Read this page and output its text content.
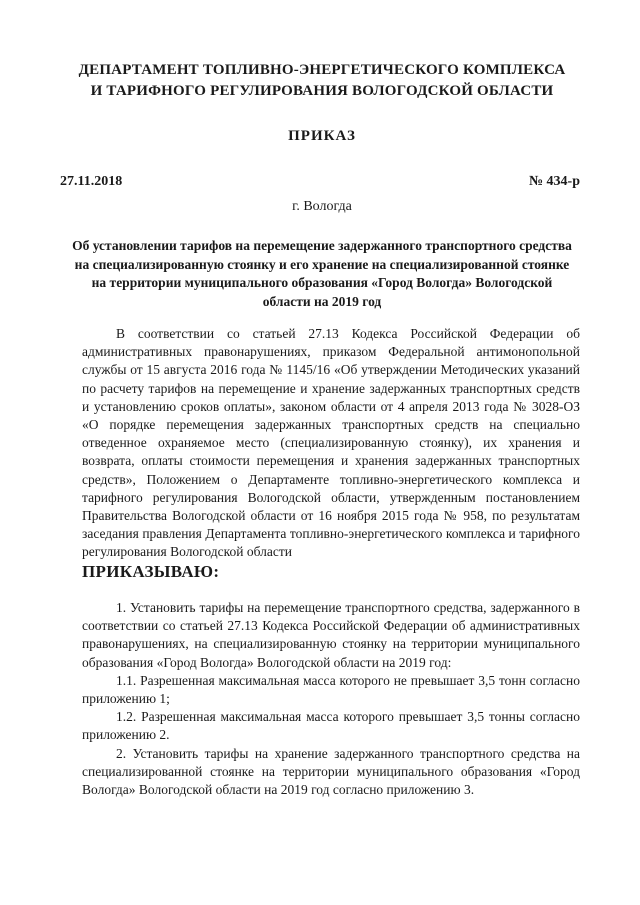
ДЕПАРТАМЕНТ ТОПЛИВНО-ЭНЕРГЕТИЧЕСКОГО КОМПЛЕКСА
И ТАРИФНОГО РЕГУЛИРОВАНИЯ ВОЛОГОДСКОЙ ОБЛАСТИ
ПРИКАЗ
27.11.2018	№ 434-р
г. Вологда
Об установлении тарифов на перемещение задержанного транспортного средства на специализированную стоянку и его хранение на специализированной стоянке на территории муниципального образования «Город Вологда» Вологодской области на 2019 год

В соответствии со статьей 27.13 Кодекса Российской Федерации об административных правонарушениях, приказом Федеральной антимонопольной службы от 15 августа 2016 года № 1145/16 «Об утверждении Методических указаний по расчету тарифов на перемещение и хранение задержанных транспортных средств и установлению сроков оплаты», законом области от 4 апреля 2013 года № 3028-ОЗ «О порядке перемещения задержанных транспортных средств на специально отведенное охраняемое место (специализированную стоянку), их хранения и возврата, оплаты стоимости перемещения и хранения задержанных транспортных средств», Положением о Департаменте топливно-энергетического комплекса и тарифного регулирования Вологодской области, утвержденным постановлением Правительства Вологодской области от 16 ноября 2015 года № 958, по результатам заседания правления Департамента топливно-энергетического комплекса и тарифного регулирования Вологодской области

ПРИКАЗЫВАЮ:

1. Установить тарифы на перемещение транспортного средства, задержанного в соответствии со статьей 27.13 Кодекса Российской Федерации об административных правонарушениях, на специализированную стоянку на территории муниципального образования «Город Вологда» Вологодской области на 2019 год:

1.1. Разрешенная максимальная масса которого не превышает 3,5 тонн согласно приложению 1;

1.2. Разрешенная максимальная масса которого превышает 3,5 тонны согласно приложению 2.

2. Установить тарифы на хранение задержанного транспортного средства на специализированной стоянке на территории муниципального образования «Город Вологда» Вологодской области на 2019 год согласно приложению 3.
